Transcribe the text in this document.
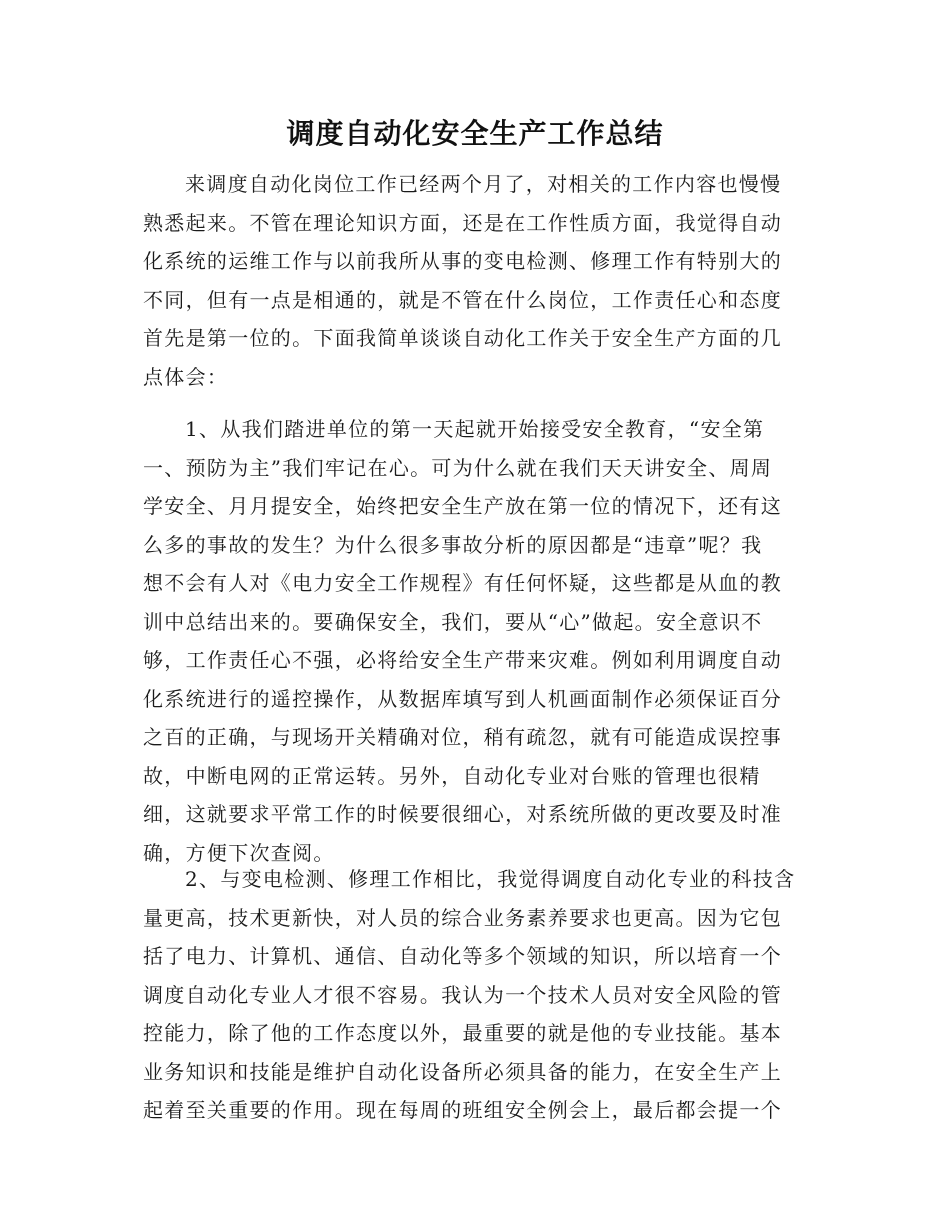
调度自动化安全生产工作总结
来调度自动化岗位工作已经两个月了，对相关的工作内容也慢慢
熟悉起来。不管在理论知识方面，还是在工作性质方面，我觉得自动
化系统的运维工作与以前我所从事的变电检测、修理工作有特别大的
不同，但有一点是相通的，就是不管在什么岗位，工作责任心和态度
首先是第一位的。下面我简单谈谈自动化工作关于安全生产方面的几
点体会：
1、从我们踏进单位的第一天起就开始接受安全教育，“安全第
一、预防为主”我们牢记在心。可为什么就在我们天天讲安全、周周
学安全、月月提安全，始终把安全生产放在第一位的情况下，还有这
么多的事故的发生？为什么很多事故分析的原因都是“违章”呢？我
想不会有人对《电力安全工作规程》有任何怀疑，这些都是从血的教
训中总结出来的。要确保安全，我们，要从“心”做起。安全意识不
够，工作责任心不强，必将给安全生产带来灾难。例如利用调度自动
化系统进行的遥控操作，从数据库填写到人机画面制作必须保证百分
之百的正确，与现场开关精确对位，稍有疏忽，就有可能造成误控事
故，中断电网的正常运转。另外，自动化专业对台账的管理也很精
细，这就要求平常工作的时候要很细心，对系统所做的更改要及时准
确，方便下次查阅。
2、与变电检测、修理工作相比，我觉得调度自动化专业的科技含
量更高，技术更新快，对人员的综合业务素养要求也更高。因为它包
括了电力、计算机、通信、自动化等多个领域的知识，所以培育一个
调度自动化专业人才很不容易。我认为一个技术人员对安全风险的管
控能力，除了他的工作态度以外，最重要的就是他的专业技能。基本
业务知识和技能是维护自动化设备所必须具备的能力，在安全生产上
起着至关重要的作用。现在每周的班组安全例会上，最后都会提一个
